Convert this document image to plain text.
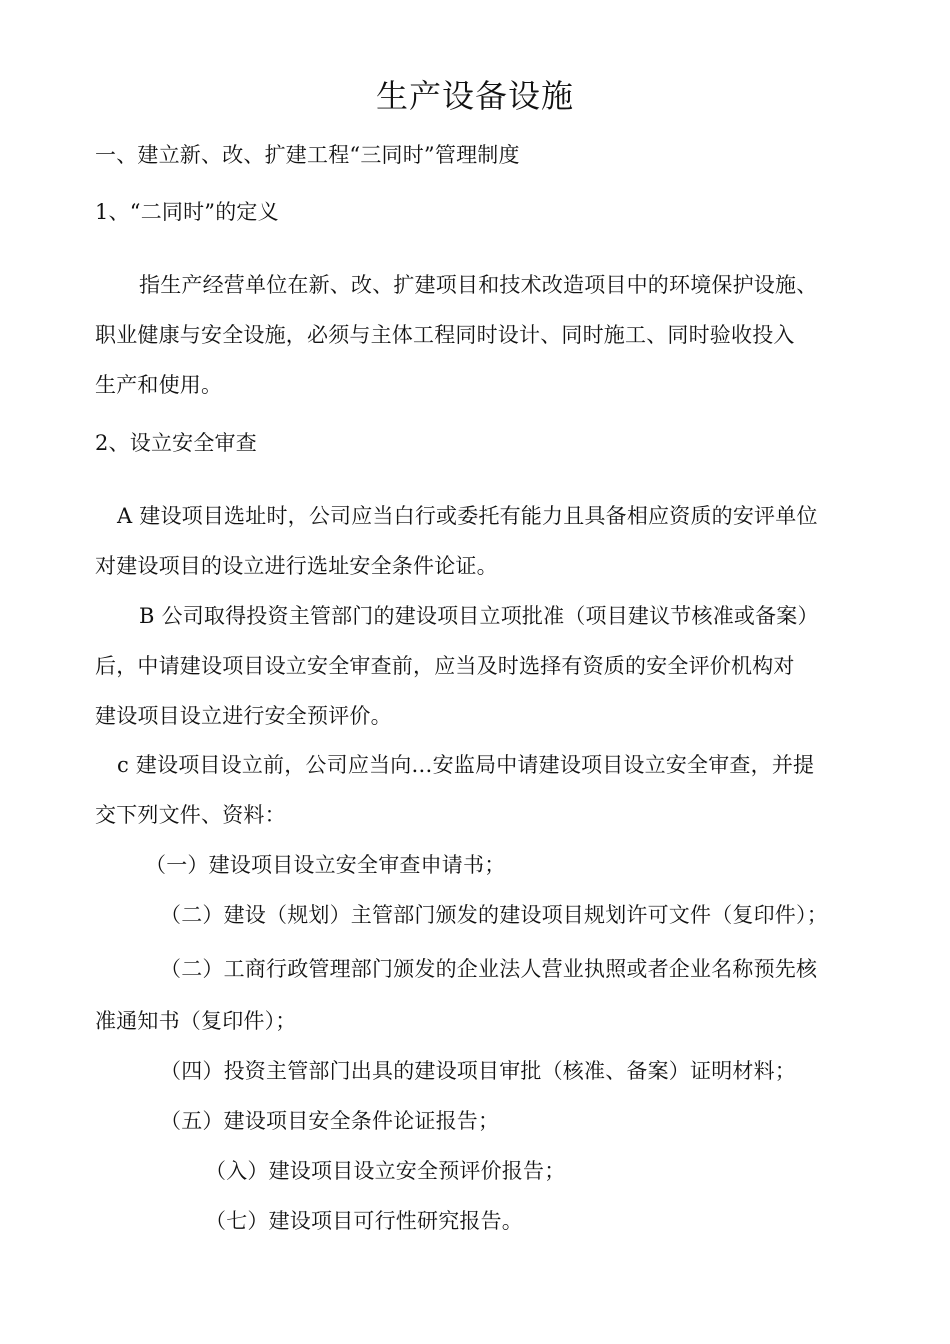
生产设备设施
一、建立新、改、扩建工程“三同时”管理制度
1、“二同时”的定义
指生产经营单位在新、改、扩建项目和技术改造项目中的环境保护设施、
职业健康与安全设施，必须与主体工程同时设计、同时施工、同时验收投入
生产和使用。
2、设立安全审查
A 建设项目选址时，公司应当白行或委托有能力且具备相应资质的安评单位
对建设项目的设立进行选址安全条件论证。
B 公司取得投资主管部门的建设项目立项批准（项目建议节核准或备案）
后，中请建设项目设立安全审查前，应当及时选择有资质的安全评价机构对
建设项目设立进行安全预评价。
c 建设项目设立前，公司应当向…安监局中请建设项目设立安全审查，并提
交下列文件、资料：
（一）建设项目设立安全审查申请书；
（二）建设（规划）主管部门颁发的建设项目规划许可文件（复印件）；
（二）工商行政管理部门颁发的企业法人营业执照或者企业名称预先核
准通知书（复印件）；
（四）投资主管部门出具的建设项目审批（核准、备案）证明材料；
（五）建设项目安全条件论证报告；
（入）建设项目设立安全预评价报告；
（七）建设项目可行性研究报告。
